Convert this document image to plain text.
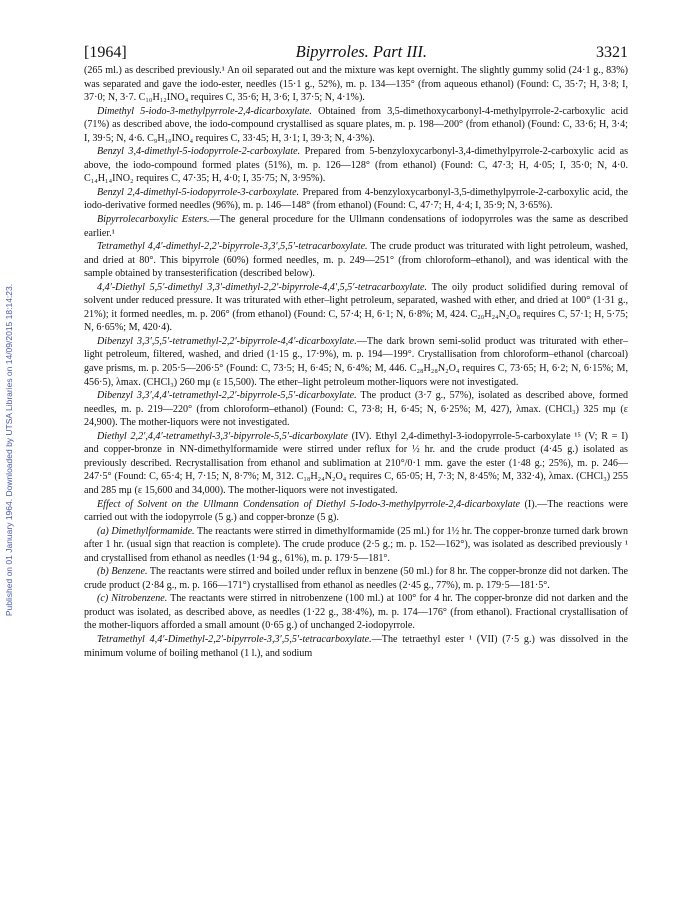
Published on 01 January 1964. Downloaded by UTSA Libraries on 14/09/2015 18:14:23.
[1964]	Bipyrroles. Part III.	3321

(265 ml.) as described previously.¹ An oil separated out and the mixture was kept overnight. The slightly gummy solid (24·1 g., 83%) was separated and gave the iodo-ester, needles (15·1 g., 52%), m. p. 134—135° (from aqueous ethanol) (Found: C, 35·7; H, 3·8; I, 37·0; N, 3·7. C₁₀H₁₂INO₄ requires C, 35·6; H, 3·6; I, 37·5; N, 4·1%).

Dimethyl 5-iodo-3-methylpyrrole-2,4-dicarboxylate. Obtained from 3,5-dimethoxycarbonyl-4-methylpyrrole-2-carboxylic acid (71%) as described above, the iodo-compound crystallised as square plates, m. p. 198—200° (from ethanol) (Found: C, 33·6; H, 3·4; I, 39·5; N, 4·6. C₉H₁₀INO₄ requires C, 33·45; H, 3·1; I, 39·3; N, 4·3%).

Benzyl 3,4-dimethyl-5-iodopyrrole-2-carboxylate. Prepared from 5-benzyloxycarbonyl-3,4-dimethylpyrrole-2-carboxylic acid as above, the iodo-compound formed plates (51%), m. p. 126—128° (from ethanol) (Found: C, 47·3; H, 4·05; I, 35·0; N, 4·0. C₁₄H₁₄INO₂ requires C, 47·35; H, 4·0; I, 35·75; N, 3·95%).

Benzyl 2,4-dimethyl-5-iodopyrrole-3-carboxylate. Prepared from 4-benzyloxycarbonyl-3,5-dimethylpyrrole-2-carboxylic acid, the iodo-derivative formed needles (96%), m. p. 146—148° (from ethanol) (Found: C, 47·7; H, 4·4; I, 35·9; N, 3·65%).

Bipyrrolecarboxylic Esters.—The general procedure for the Ullmann condensations of iodopyrroles was the same as described earlier.¹

Tetramethyl 4,4′-dimethyl-2,2′-bipyrrole-3,3′,5,5′-tetracarboxylate. The crude product was triturated with light petroleum, washed, and dried at 80°. This bipyrrole (60%) formed needles, m. p. 249—251° (from chloroform–ethanol), and was identical with the sample obtained by transesterification (described below).

4,4′-Diethyl 5,5′-dimethyl 3,3′-dimethyl-2,2′-bipyrrole-4,4′,5,5′-tetracarboxylate. The oily product solidified during removal of solvent under reduced pressure. It was triturated with ether–light petroleum, separated, washed with ether, and dried at 100° (1·31 g., 21%); it formed needles, m. p. 206° (from ethanol) (Found: C, 57·4; H, 6·1; N, 6·8%; M, 424. C₂₀H₂₄N₂O₈ requires C, 57·1; H, 5·75; N, 6·65%; M, 420·4).

Dibenzyl 3,3′,5,5′-tetramethyl-2,2′-bipyrrole-4,4′-dicarboxylate.—The dark brown semi-solid product was triturated with ether–light petroleum, filtered, washed, and dried (1·15 g., 17·9%), m. p. 194—199°. Crystallisation from chloroform–ethanol (charcoal) gave prisms, m. p. 205·5—206·5° (Found: C, 73·5; H, 6·45; N, 6·4%; M, 446. C₂₈H₂₈N₂O₄ requires C, 73·65; H, 6·2; N, 6·15%; M, 456·5), λmax. (CHCl₃) 260 mμ (ε 15,500). The ether–light petroleum mother-liquors were not investigated.

Dibenzyl 3,3′,4,4′-tetramethyl-2,2′-bipyrrole-5,5′-dicarboxylate. The product (3·7 g., 57%), isolated as described above, formed needles, m. p. 219—220° (from chloroform–ethanol) (Found: C, 73·8; H, 6·45; N, 6·25%; M, 427), λmax. (CHCl₃) 325 mμ (ε 24,900). The mother-liquors were not investigated.

Diethyl 2,2′,4,4′-tetramethyl-3,3′-bipyrrole-5,5′-dicarboxylate (IV). Ethyl 2,4-dimethyl-3-iodopyrrole-5-carboxylate ¹⁵ (V; R = I) and copper-bronze in NN-dimethylformamide were stirred under reflux for ½ hr. and the crude product (4·45 g.) isolated as previously described. Recrystallisation from ethanol and sublimation at 210°/0·1 mm. gave the ester (1·48 g.; 25%), m. p. 246—247·5° (Found: C, 65·4; H, 7·15; N, 8·7%; M, 312. C₁₈H₂₄N₂O₄ requires C, 65·05; H, 7·3; N, 8·45%; M, 332·4), λmax. (CHCl₃) 255 and 285 mμ (ε 15,600 and 34,000). The mother-liquors were not investigated.

Effect of Solvent on the Ullmann Condensation of Diethyl 5-Iodo-3-methylpyrrole-2,4-dicarboxylate (I).—The reactions were carried out with the iodopyrrole (5 g.) and copper-bronze (5 g).

(a) Dimethylformamide. The reactants were stirred in dimethylformamide (25 ml.) for 1½ hr. The copper-bronze turned dark brown after 1 hr. (usual sign that reaction is complete). The crude produce (2·5 g.; m. p. 152—162°), was isolated as described previously ¹ and crystallised from ethanol as needles (1·94 g., 61%), m. p. 179·5—181°.

(b) Benzene. The reactants were stirred and boiled under reflux in benzene (50 ml.) for 8 hr. The copper-bronze did not darken. The crude product (2·84 g., m. p. 166—171°) crystallised from ethanol as needles (2·45 g., 77%), m. p. 179·5—181·5°.

(c) Nitrobenzene. The reactants were stirred in nitrobenzene (100 ml.) at 100° for 4 hr. The copper-bronze did not darken and the product was isolated, as described above, as needles (1·22 g., 38·4%), m. p. 174—176° (from ethanol). Fractional crystallisation of the mother-liquors afforded a small amount (0·65 g.) of unchanged 2-iodopyrrole.

Tetramethyl 4,4′-Dimethyl-2,2′-bipyrrole-3,3′,5,5′-tetracarboxylate.—The tetraethyl ester ¹ (VII) (7·5 g.) was dissolved in the minimum volume of boiling methanol (1 l.), and sodium
